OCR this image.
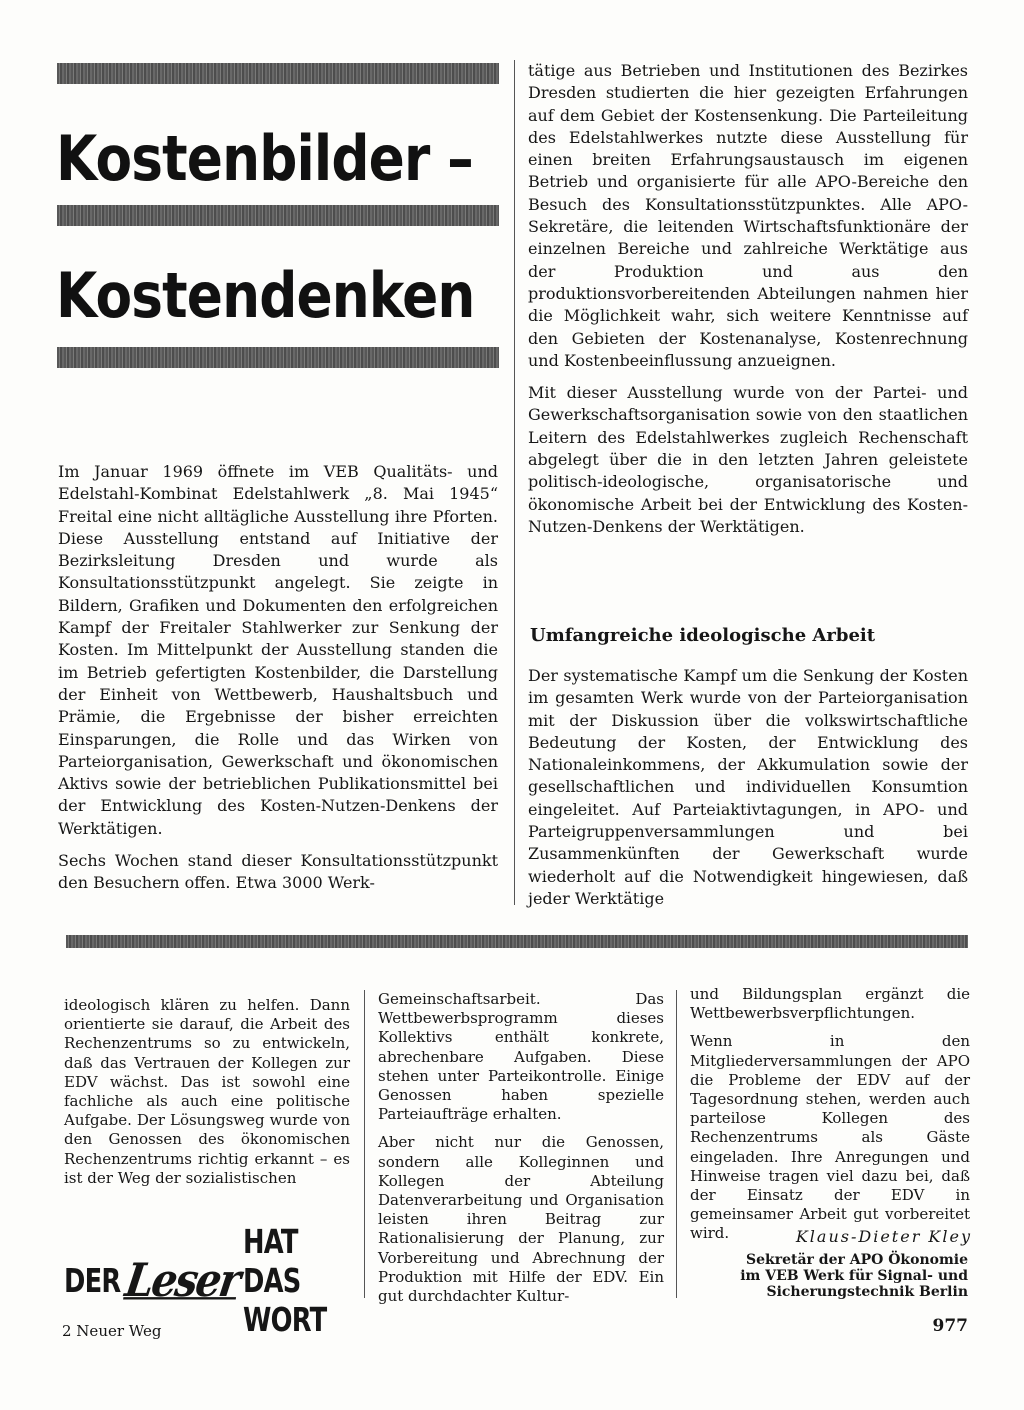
Kostenbilder –
Kostendenken

Im Januar 1969 öffnete im VEB Qualitäts- und Edelstahl-Kombinat Edelstahlwerk „8. Mai 1945“ Freital eine nicht alltägliche Ausstellung ihre Pforten. Diese Ausstellung entstand auf Initiative der Bezirksleitung Dresden und wurde als Konsultationsstützpunkt angelegt. Sie zeigte in Bildern, Grafiken und Dokumenten den erfolgreichen Kampf der Freitaler Stahlwerker zur Senkung der Kosten. Im Mittelpunkt der Ausstellung standen die im Betrieb gefertigten Kostenbilder, die Darstellung der Einheit von Wettbewerb, Haushaltsbuch und Prämie, die Ergebnisse der bisher erreichten Einsparungen, die Rolle und das Wirken von Parteiorganisation, Gewerkschaft und ökonomischen Aktivs sowie der betrieblichen Publikationsmittel bei der Entwicklung des Kosten-Nutzen-Denkens der Werktätigen.

Sechs Wochen stand dieser Konsultationsstützpunkt den Besuchern offen. Etwa 3000 Werk-

tätige aus Betrieben und Institutionen des Bezirkes Dresden studierten die hier gezeigten Erfahrungen auf dem Gebiet der Kostensenkung. Die Parteileitung des Edelstahlwerkes nutzte diese Ausstellung für einen breiten Erfahrungsaustausch im eigenen Betrieb und organisierte für alle APO-Bereiche den Besuch des Konsultationsstützpunktes. Alle APO-Sekretäre, die leitenden Wirtschaftsfunktionäre der einzelnen Bereiche und zahlreiche Werktätige aus der Produktion und aus den produktionsvorbereitenden Abteilungen nahmen hier die Möglichkeit wahr, sich weitere Kenntnisse auf den Gebieten der Kostenanalyse, Kostenrechnung und Kostenbeeinflussung anzueignen.

Mit dieser Ausstellung wurde von der Partei- und Gewerkschaftsorganisation sowie von den staatlichen Leitern des Edelstahlwerkes zugleich Rechenschaft abgelegt über die in den letzten Jahren geleistete politisch-ideologische, organisatorische und ökonomische Arbeit bei der Entwicklung des Kosten-Nutzen-Denkens der Werktätigen.

Umfangreiche ideologische Arbeit

Der systematische Kampf um die Senkung der Kosten im gesamten Werk wurde von der Parteiorganisation mit der Diskussion über die volkswirtschaftliche Bedeutung der Kosten, der Entwicklung des Nationaleinkommens, der Akkumulation sowie der gesellschaftlichen und individuellen Konsumtion eingeleitet. Auf Parteiaktivtagungen, in APO- und Parteigruppenversammlungen und bei Zusammenkünften der Gewerkschaft wurde wiederholt auf die Notwendigkeit hingewiesen, daß jeder Werktätige

ideologisch klären zu helfen. Dann orientierte sie darauf, die Arbeit des Rechenzentrums so zu entwickeln, daß das Vertrauen der Kollegen zur EDV wächst. Das ist sowohl eine fachliche als auch eine politische Aufgabe. Der Lösungsweg wurde von den Genossen des ökonomischen Rechenzentrums richtig erkannt – es ist der Weg der sozialistischen

Gemeinschaftsarbeit. Das Wettbewerbsprogramm dieses Kollektivs enthält konkrete, abrechenbare Aufgaben. Diese stehen unter Parteikontrolle. Einige Genossen haben spezielle Parteiaufträge erhalten.

Aber nicht nur die Genossen, sondern alle Kolleginnen und Kollegen der Abteilung Datenverarbeitung und Organisation leisten ihren Beitrag zur Rationalisierung der Planung, zur Vorbereitung und Abrechnung der Produktion mit Hilfe der EDV. Ein gut durchdachter Kultur-

und Bildungsplan ergänzt die Wettbewerbsverpflichtungen.

Wenn in den Mitgliederversammlungen der APO die Probleme der EDV auf der Tagesordnung stehen, werden auch parteilose Kollegen des Rechenzentrums als Gäste eingeladen. Ihre Anregungen und Hinweise tragen viel dazu bei, daß der Einsatz der EDV in gemeinsamer Arbeit gut vorbereitet wird.	Klaus-Dieter Kley

Sekretär der APO Ökonomie
im VEB Werk für Signal- und
Sicherungstechnik Berlin
DER Leser
HAT DAS WORT
2 Neuer Weg	977
